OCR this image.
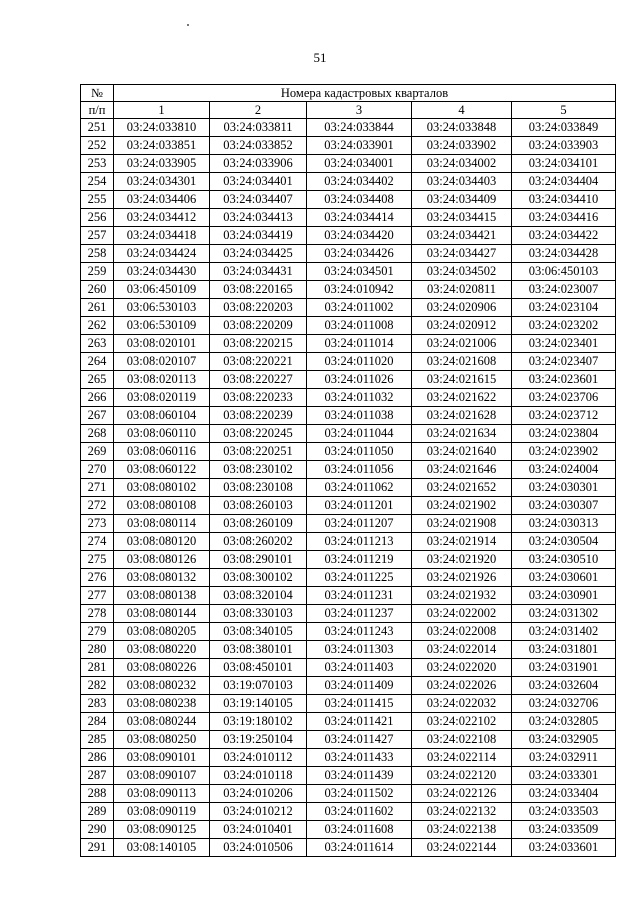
51
№	Номера кадастровых кварталов				
п/п	1	2	3	4	5
251	03:24:033810	03:24:033811	03:24:033844	03:24:033848	03:24:033849
252	03:24:033851	03:24:033852	03:24:033901	03:24:033902	03:24:033903
253	03:24:033905	03:24:033906	03:24:034001	03:24:034002	03:24:034101
254	03:24:034301	03:24:034401	03:24:034402	03:24:034403	03:24:034404
255	03:24:034406	03:24:034407	03:24:034408	03:24:034409	03:24:034410
256	03:24:034412	03:24:034413	03:24:034414	03:24:034415	03:24:034416
257	03:24:034418	03:24:034419	03:24:034420	03:24:034421	03:24:034422
258	03:24:034424	03:24:034425	03:24:034426	03:24:034427	03:24:034428
259	03:24:034430	03:24:034431	03:24:034501	03:24:034502	03:06:450103
260	03:06:450109	03:08:220165	03:24:010942	03:24:020811	03:24:023007
261	03:06:530103	03:08:220203	03:24:011002	03:24:020906	03:24:023104
262	03:06:530109	03:08:220209	03:24:011008	03:24:020912	03:24:023202
263	03:08:020101	03:08:220215	03:24:011014	03:24:021006	03:24:023401
264	03:08:020107	03:08:220221	03:24:011020	03:24:021608	03:24:023407
265	03:08:020113	03:08:220227	03:24:011026	03:24:021615	03:24:023601
266	03:08:020119	03:08:220233	03:24:011032	03:24:021622	03:24:023706
267	03:08:060104	03:08:220239	03:24:011038	03:24:021628	03:24:023712
268	03:08:060110	03:08:220245	03:24:011044	03:24:021634	03:24:023804
269	03:08:060116	03:08:220251	03:24:011050	03:24:021640	03:24:023902
270	03:08:060122	03:08:230102	03:24:011056	03:24:021646	03:24:024004
271	03:08:080102	03:08:230108	03:24:011062	03:24:021652	03:24:030301
272	03:08:080108	03:08:260103	03:24:011201	03:24:021902	03:24:030307
273	03:08:080114	03:08:260109	03:24:011207	03:24:021908	03:24:030313
274	03:08:080120	03:08:260202	03:24:011213	03:24:021914	03:24:030504
275	03:08:080126	03:08:290101	03:24:011219	03:24:021920	03:24:030510
276	03:08:080132	03:08:300102	03:24:011225	03:24:021926	03:24:030601
277	03:08:080138	03:08:320104	03:24:011231	03:24:021932	03:24:030901
278	03:08:080144	03:08:330103	03:24:011237	03:24:022002	03:24:031302
279	03:08:080205	03:08:340105	03:24:011243	03:24:022008	03:24:031402
280	03:08:080220	03:08:380101	03:24:011303	03:24:022014	03:24:031801
281	03:08:080226	03:08:450101	03:24:011403	03:24:022020	03:24:031901
282	03:08:080232	03:19:070103	03:24:011409	03:24:022026	03:24:032604
283	03:08:080238	03:19:140105	03:24:011415	03:24:022032	03:24:032706
284	03:08:080244	03:19:180102	03:24:011421	03:24:022102	03:24:032805
285	03:08:080250	03:19:250104	03:24:011427	03:24:022108	03:24:032905
286	03:08:090101	03:24:010112	03:24:011433	03:24:022114	03:24:032911
287	03:08:090107	03:24:010118	03:24:011439	03:24:022120	03:24:033301
288	03:08:090113	03:24:010206	03:24:011502	03:24:022126	03:24:033404
289	03:08:090119	03:24:010212	03:24:011602	03:24:022132	03:24:033503
290	03:08:090125	03:24:010401	03:24:011608	03:24:022138	03:24:033509
291	03:08:140105	03:24:010506	03:24:011614	03:24:022144	03:24:033601
